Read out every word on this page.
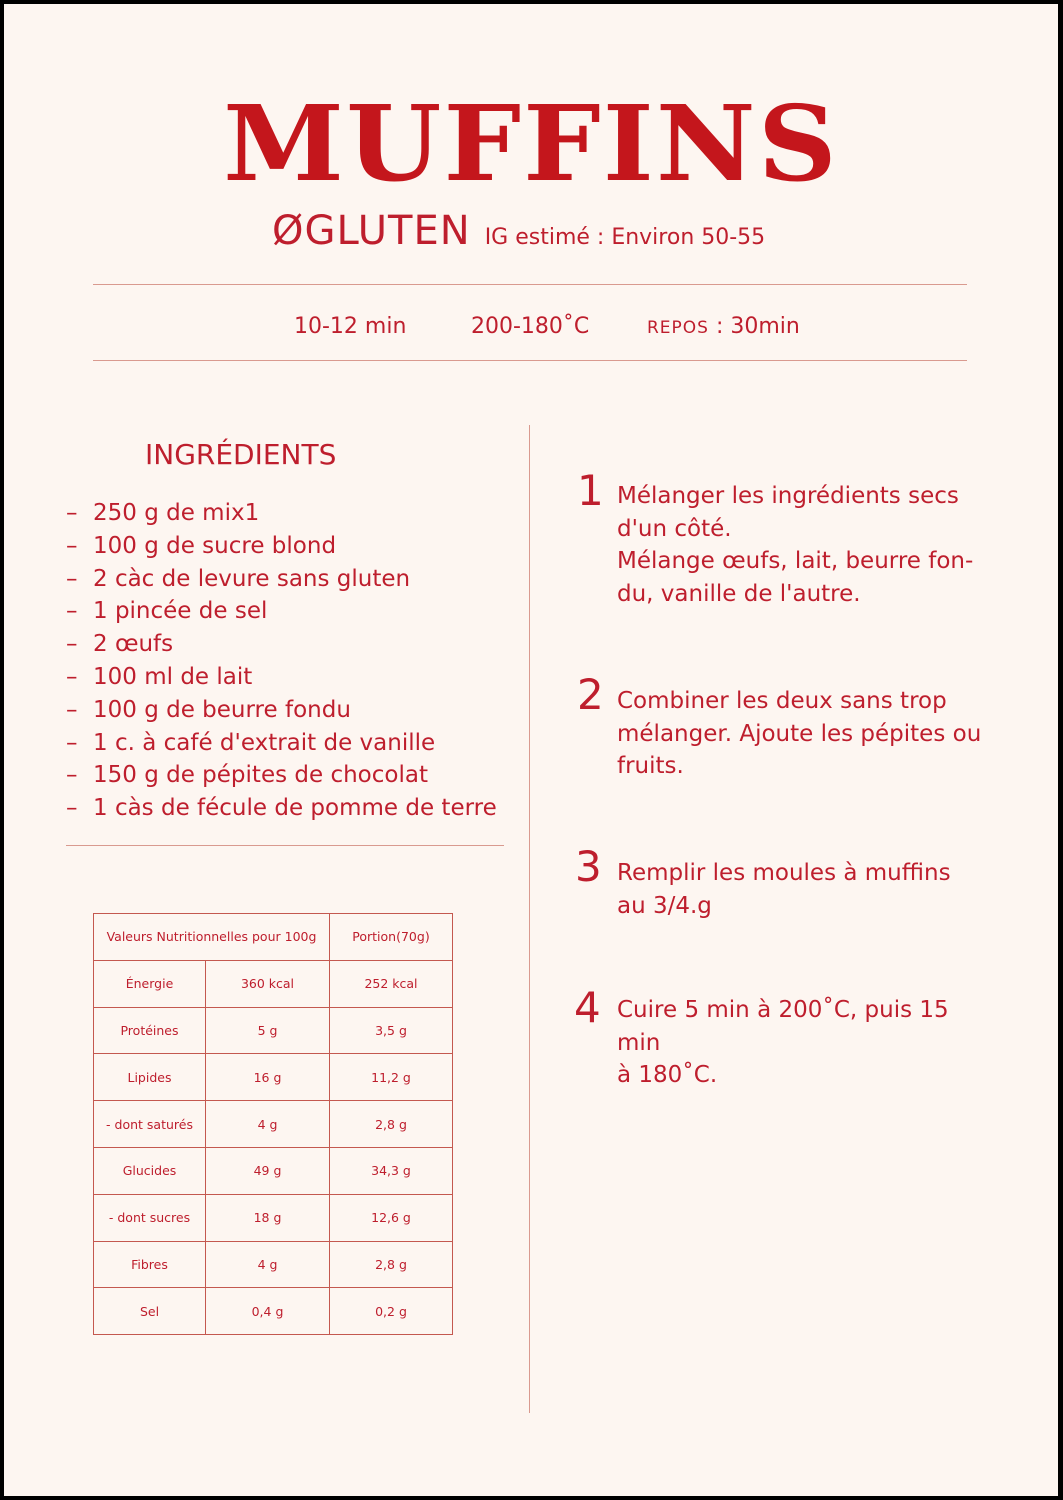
MUFFINS
ØGLUTEN IG estimé : Environ 50-55
10-12 min	200-180˚C	REPOS : 30min
INGRÉDIENTS
– 250 g de mix1
– 100 g de sucre blond
– 2 càc de levure sans gluten
– 1 pincée de sel
– 2 œufs
– 100 ml de lait
– 100 g de beurre fondu
– 1 c. à café d'extrait de vanille
– 150 g de pépites de chocolat
– 1 càs de fécule de pomme de terre
Valeurs Nutritionnelles pour 100g		Portion(70g)
Énergie	360 kcal	252 kcal
Protéines	5 g	3,5 g
Lipides	16 g	11,2 g
- dont saturés	4 g	2,8 g
Glucides	49 g	34,3 g
- dont sucres	18 g	12,6 g
Fibres	4 g	2,8 g
Sel	0,4 g	0,2 g
1 Mélanger les ingrédients secs
d'un côté.
Mélange œufs, lait, beurre fon-
du, vanille de l'autre.
2 Combiner les deux sans trop
mélanger. Ajoute les pépites ou
fruits.
3 Remplir les moules à muffins
au 3/4.g
4 Cuire 5 min à 200˚C, puis 15 min
à 180˚C.
